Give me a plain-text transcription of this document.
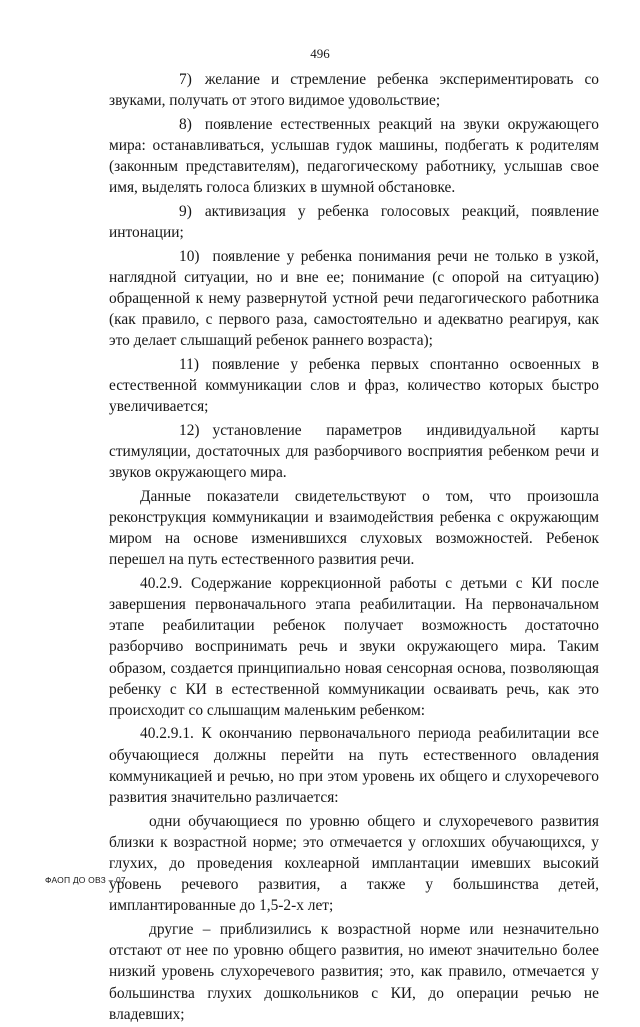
496

7) желание и стремление ребенка экспериментировать со звуками, получать от этого видимое удовольствие;

8) появление естественных реакций на звуки окружающего мира: останавливаться, услышав гудок машины, подбегать к родителям (законным представителям), педагогическому работнику, услышав свое имя, выделять голоса близких в шумной обстановке.

9) активизация у ребенка голосовых реакций, появление интонации;

10) появление у ребенка понимания речи не только в узкой, наглядной ситуации, но и вне ее; понимание (с опорой на ситуацию) обращенной к нему развернутой устной речи педагогического работника (как правило, с первого раза, самостоятельно и адекватно реагируя, как это делает слышащий ребенок раннего возраста);

11) появление у ребенка первых спонтанно освоенных в естественной коммуникации слов и фраз, количество которых быстро увеличивается;

12) установление параметров индивидуальной карты стимуляции, достаточных для разборчивого восприятия ребенком речи и звуков окружающего мира.

Данные показатели свидетельствуют о том, что произошла реконструкция коммуникации и взаимодействия ребенка с окружающим миром на основе изменившихся слуховых возможностей. Ребенок перешел на путь естественного развития речи.

40.2.9. Содержание коррекционной работы с детьми с КИ после завершения первоначального этапа реабилитации. На первоначальном этапе реабилитации ребенок получает возможность достаточно разборчиво воспринимать речь и звуки окружающего мира. Таким образом, создается принципиально новая сенсорная основа, позволяющая ребенку с КИ в естественной коммуникации осваивать речь, как это происходит со слышащим маленьким ребенком:

40.2.9.1. К окончанию первоначального периода реабилитации все обучающиеся должны перейти на путь естественного овладения коммуникацией и речью, но при этом уровень их общего и слухоречевого развития значительно различается:

одни обучающиеся по уровню общего и слухоречевого развития близки к возрастной норме; это отмечается у оглохших обучающихся, у глухих, до проведения кохлеарной имплантации имевших высокий уровень речевого развития, а также у большинства детей, имплантированные до 1,5-2-х лет;

другие – приблизились к возрастной норме или незначительно отстают от нее по уровню общего развития, но имеют значительно более низкий уровень слухоречевого развития; это, как правило, отмечается у большинства глухих дошкольников с КИ, до операции речью не владевших;

ФАОП ДО ОВЗ – 07
